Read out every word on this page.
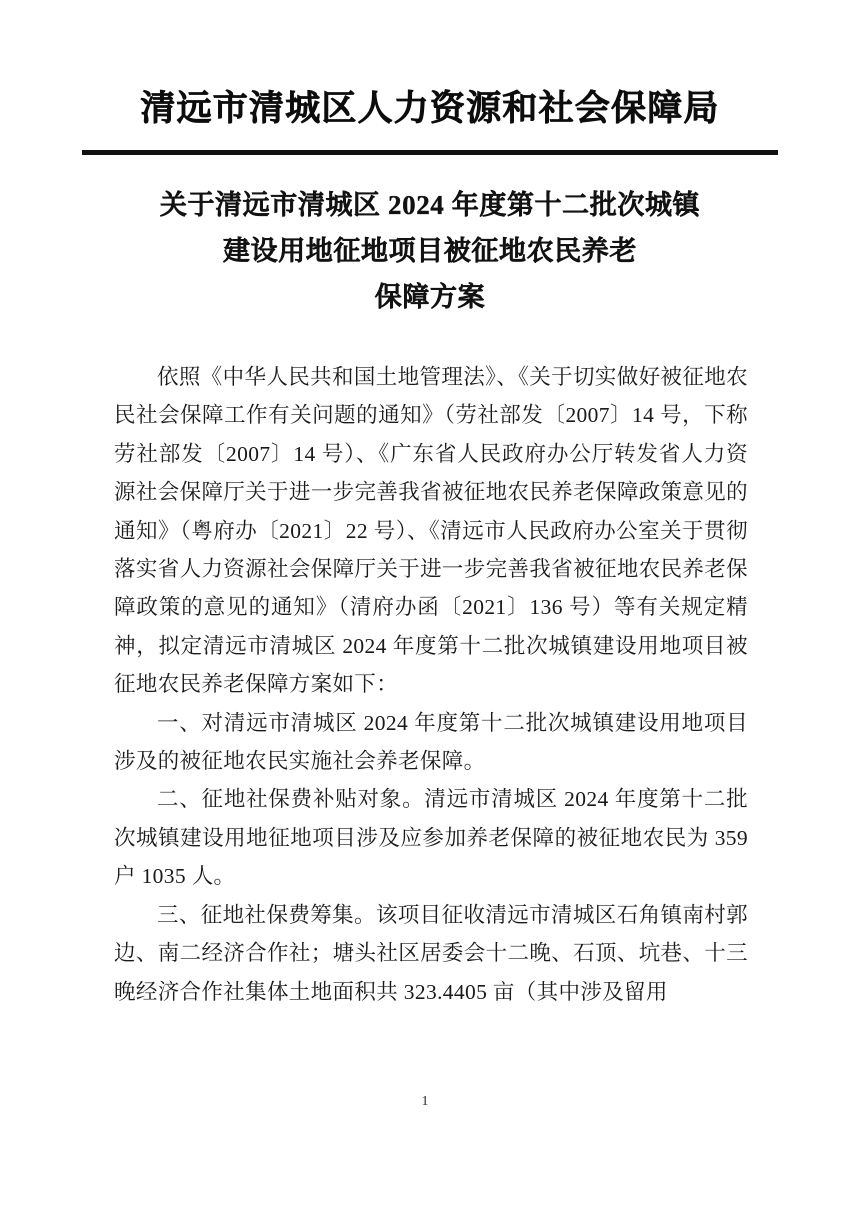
清远市清城区人力资源和社会保障局
关于清远市清城区 2024 年度第十二批次城镇
建设用地征地项目被征地农民养老
保障方案

依照《中华人民共和国土地管理法》、《关于切实做好被征地农民社会保障工作有关问题的通知》（劳社部发〔2007〕14 号，下称劳社部发〔2007〕14 号）、《广东省人民政府办公厅转发省人力资源社会保障厅关于进一步完善我省被征地农民养老保障政策意见的通知》（粤府办〔2021〕22 号）、《清远市人民政府办公室关于贯彻落实省人力资源社会保障厅关于进一步完善我省被征地农民养老保障政策的意见的通知》（清府办函〔2021〕136 号）等有关规定精神，拟定清远市清城区 2024 年度第十二批次城镇建设用地项目被征地农民养老保障方案如下：

一、对清远市清城区 2024 年度第十二批次城镇建设用地项目涉及的被征地农民实施社会养老保障。

二、征地社保费补贴对象。清远市清城区 2024 年度第十二批次城镇建设用地征地项目涉及应参加养老保障的被征地农民为 359 户 1035 人。

三、征地社保费筹集。该项目征收清远市清城区石角镇南村郭边、南二经济合作社；塘头社区居委会十二晚、石顶、坑巷、十三晚经济合作社集体土地面积共 323.4405 亩（其中涉及留用

1
